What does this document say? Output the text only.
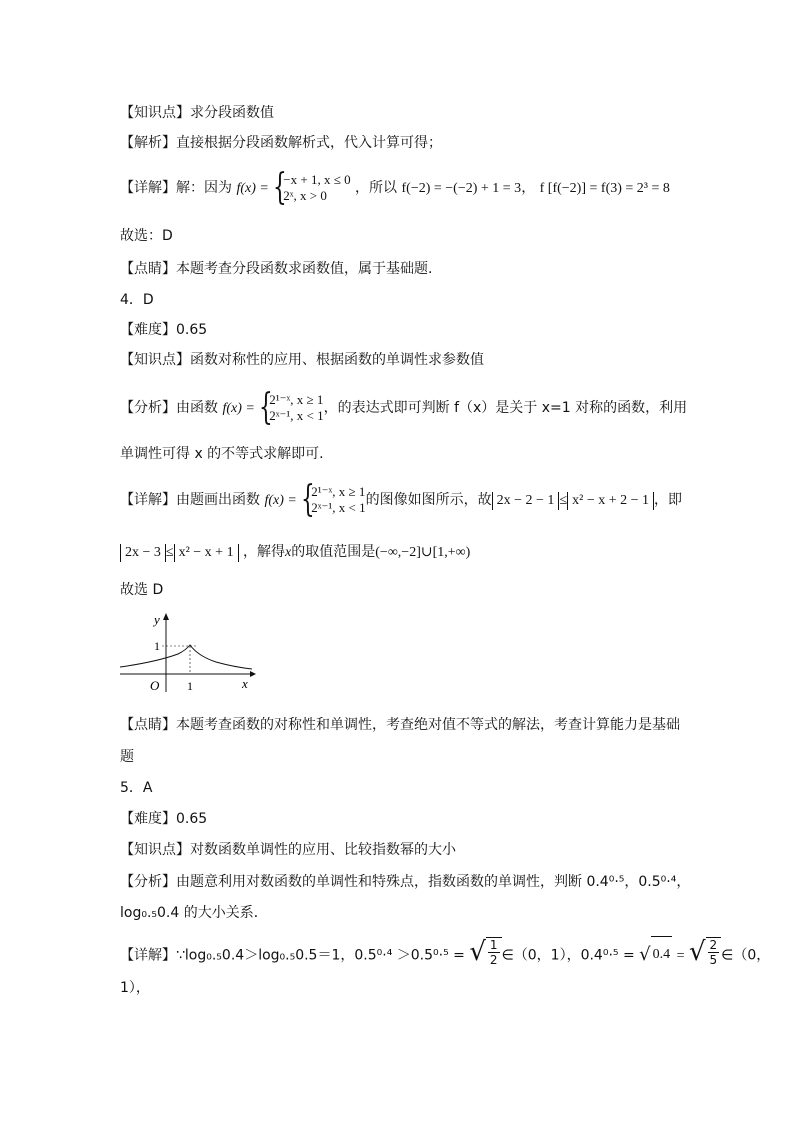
【知识点】求分段函数值
【解析】直接根据分段函数解析式，代入计算可得；
【详解】解：因为 f(x) = {
−x + 1, x ≤ 0
2ˣ, x > 0	，所以 f(−2) = −(−2) + 1 = 3， f [f(−2)] = f(3) = 2³ = 8
故选：D
【点睛】本题考查分段函数求函数值，属于基础题.
4．D
【难度】0.65
【知识点】函数对称性的应用、根据函数的单调性求参数值
【分析】由函数 f(x) = {
2¹⁻ˣ, x ≥ 1
2ˣ⁻¹, x < 1 ，的表达式即可判断 f（x）是关于 x=1 对称的函数，利用
单调性可得 x 的不等式求解即可.
【详解】由题画出函数 f(x) = {
2¹⁻ˣ, x ≥ 1
2ˣ⁻¹, x < 1 的图像如图所示，故 2x − 2 − 1 ≤ x² − x + 2 − 1 ，即
2x − 3 ≤ x² − x + 1 ，解得x的取值范围是(−∞,−2]∪[1,+∞)
故选 D
y
x
O
1
1
【点睛】本题考查函数的对称性和单调性，考查绝对值不等式的解法，考查计算能力是基础
题
5．A
【难度】0.65
【知识点】对数函数单调性的应用、比较指数幂的大小
【分析】由题意利用对数函数的单调性和特殊点，指数函数的单调性，判断 0.4⁰·⁵，0.5⁰·⁴，
log₀.₅0.4 的大小关系．
【详解】∵log₀.₅0.4＞log₀.₅0.5＝1，0.5⁰·⁴ ＞0.5⁰·⁵ = √ $\frac{1}{2}$ ∈（0，1），0.4⁰·⁵ = √ 0.4 = √ $\frac{2}{5}$ ∈（0，
1），
